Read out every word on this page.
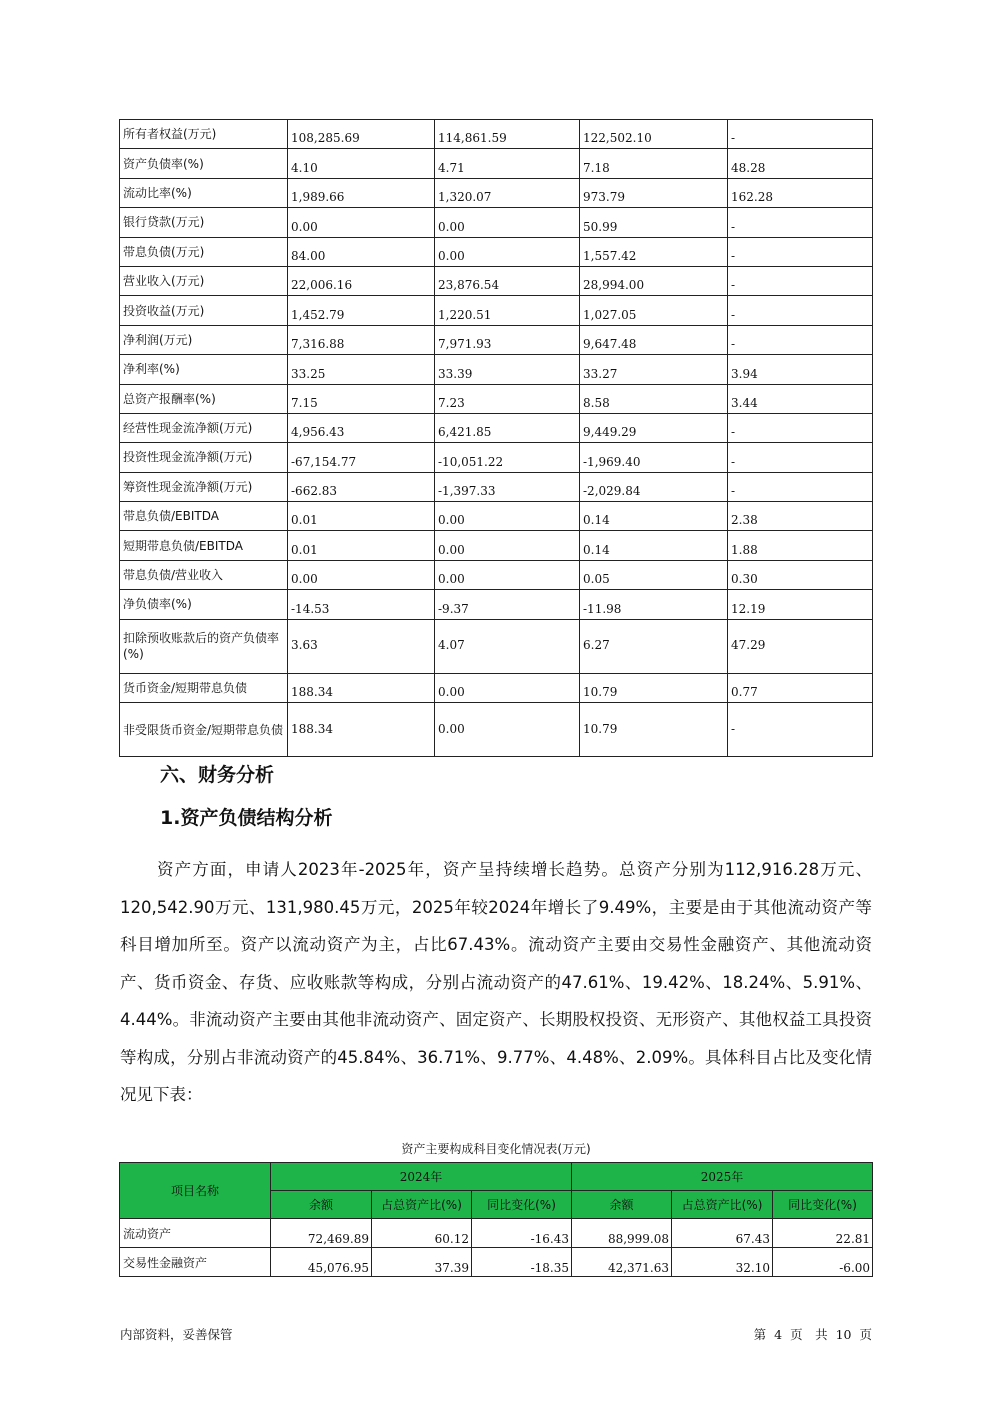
所有者权益(万元)	108,285.69	114,861.59	122,502.10	-
资产负债率(%)	4.10	4.71	7.18	48.28
流动比率(%)	1,989.66	1,320.07	973.79	162.28
银行贷款(万元)	0.00	0.00	50.99	-
带息负债(万元)	84.00	0.00	1,557.42	-
营业收入(万元)	22,006.16	23,876.54	28,994.00	-
投资收益(万元)	1,452.79	1,220.51	1,027.05	-
净利润(万元)	7,316.88	7,971.93	9,647.48	-
净利率(%)	33.25	33.39	33.27	3.94
总资产报酬率(%)	7.15	7.23	8.58	3.44
经营性现金流净额(万元)	4,956.43	6,421.85	9,449.29	-
投资性现金流净额(万元)	-67,154.77	-10,051.22	-1,969.40	-
筹资性现金流净额(万元)	-662.83	-1,397.33	-2,029.84	-
带息负债/EBITDA	0.01	0.00	0.14	2.38
短期带息负债/EBITDA	0.01	0.00	0.14	1.88
带息负债/营业收入	0.00	0.00	0.05	0.30
净负债率(%)	-14.53	-9.37	-11.98	12.19
扣除预收账款后的资产负债率(%)	3.63	4.07	6.27	47.29
货币资金/短期带息负债	188.34	0.00	10.79	0.77
非受限货币资金/短期带息负债	188.34	0.00	10.79	-
六、财务分析
1.资产负债结构分析

资产方面，申请人2023年-2025年，资产呈持续增长趋势。总资产分别为112,916.28万元、120,542.90万元、131,980.45万元，2025年较2024年增长了9.49%，主要是由于其他流动资产等科目增加所至。资产以流动资产为主，占比67.43%。流动资产主要由交易性金融资产、其他流动资产、货币资金、存货、应收账款等构成，分别占流动资产的47.61%、19.42%、18.24%、5.91%、4.44%。非流动资产主要由其他非流动资产、固定资产、长期股权投资、无形资产、其他权益工具投资等构成，分别占非流动资产的45.84%、36.71%、9.77%、4.48%、2.09%。具体科目占比及变化情况见下表：

资产主要构成科目变化情况表(万元)
项目名称	2024年			2025年		
	余额	占总资产比(%)	同比变化(%)	余额	占总资产比(%)	同比变化(%)
流动资产	72,469.89	60.12	-16.43	88,999.08	67.43	22.81
交易性金融资产	45,076.95	37.39	-18.35	42,371.63	32.10	-6.00
内部资料，妥善保管	第 4 页　共 10 页
